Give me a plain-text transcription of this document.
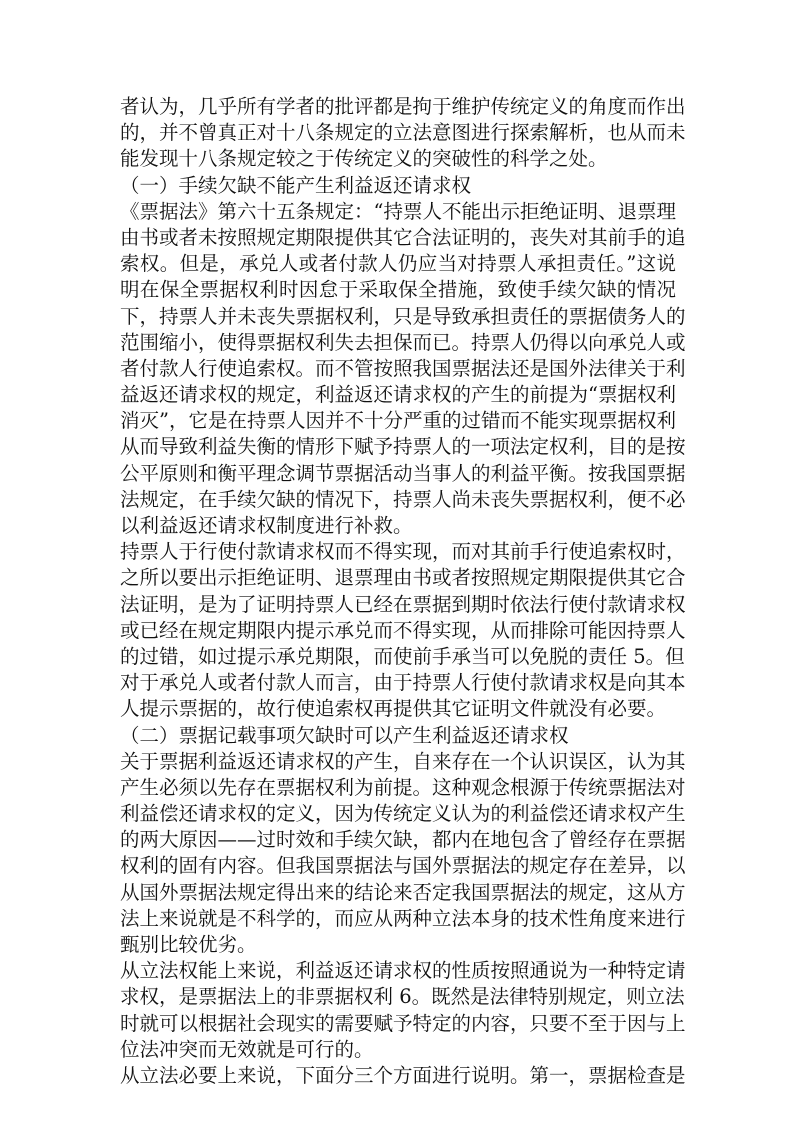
者认为，几乎所有学者的批评都是拘于维护传统定义的角度而作出
的，并不曾真正对十八条规定的立法意图进行探索解析，也从而未
能发现十八条规定较之于传统定义的突破性的科学之处。
（一）手续欠缺不能产生利益返还请求权
《票据法》第六十五条规定：“持票人不能出示拒绝证明、退票理
由书或者未按照规定期限提供其它合法证明的，丧失对其前手的追
索权。但是，承兑人或者付款人仍应当对持票人承担责任。”这说
明在保全票据权利时因怠于采取保全措施，致使手续欠缺的情况
下，持票人并未丧失票据权利，只是导致承担责任的票据债务人的
范围缩小，使得票据权利失去担保而已。持票人仍得以向承兑人或
者付款人行使追索权。而不管按照我国票据法还是国外法律关于利
益返还请求权的规定，利益返还请求权的产生的前提为“票据权利
消灭”，它是在持票人因并不十分严重的过错而不能实现票据权利
从而导致利益失衡的情形下赋予持票人的一项法定权利，目的是按
公平原则和衡平理念调节票据活动当事人的利益平衡。按我国票据
法规定，在手续欠缺的情况下，持票人尚未丧失票据权利，便不必
以利益返还请求权制度进行补救。
持票人于行使付款请求权而不得实现，而对其前手行使追索权时，
之所以要出示拒绝证明、退票理由书或者按照规定期限提供其它合
法证明，是为了证明持票人已经在票据到期时依法行使付款请求权
或已经在规定期限内提示承兑而不得实现，从而排除可能因持票人
的过错，如过提示承兑期限，而使前手承当可以免脱的责任 5。但
对于承兑人或者付款人而言，由于持票人行使付款请求权是向其本
人提示票据的，故行使追索权再提供其它证明文件就没有必要。
（二）票据记载事项欠缺时可以产生利益返还请求权
关于票据利益返还请求权的产生，自来存在一个认识误区，认为其
产生必须以先存在票据权利为前提。这种观念根源于传统票据法对
利益偿还请求权的定义，因为传统定义认为的利益偿还请求权产生
的两大原因——过时效和手续欠缺，都内在地包含了曾经存在票据
权利的固有内容。但我国票据法与国外票据法的规定存在差异，以
从国外票据法规定得出来的结论来否定我国票据法的规定，这从方
法上来说就是不科学的，而应从两种立法本身的技术性角度来进行
甄别比较优劣。
从立法权能上来说，利益返还请求权的性质按照通说为一种特定请
求权，是票据法上的非票据权利 6。既然是法律特别规定，则立法
时就可以根据社会现实的需要赋予特定的内容，只要不至于因与上
位法冲突而无效就是可行的。
从立法必要上来说，下面分三个方面进行说明。第一，票据检查是
